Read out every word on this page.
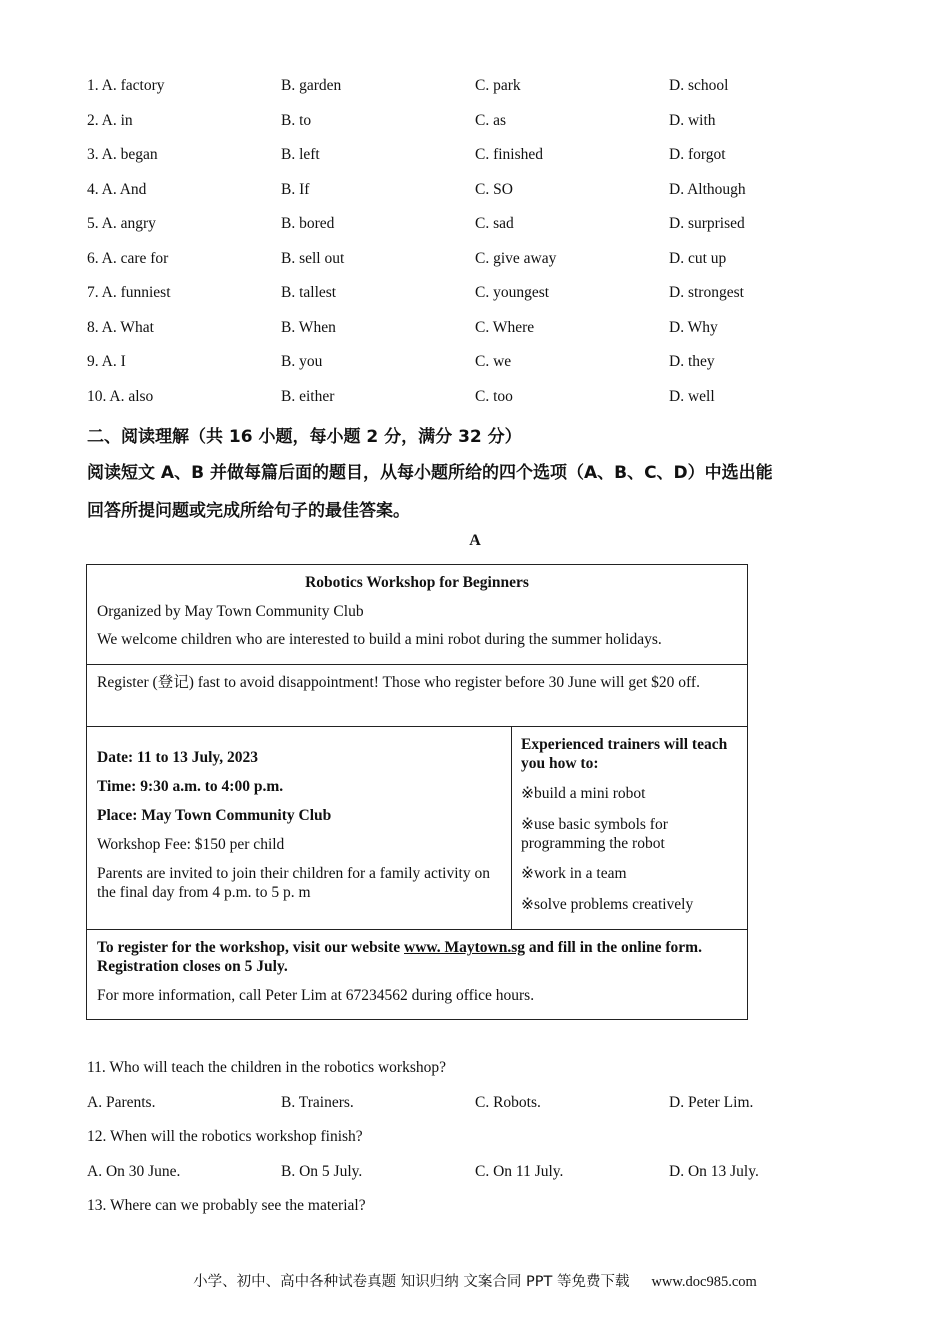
1. A. factory	B. garden	C. park	D. school
2. A. in	B. to	C. as	D. with
3. A. began	B. left	C. finished	D. forgot
4. A. And	B. If	C. SO	D. Although
5. A. angry	B. bored	C. sad	D. surprised
6. A. care for	B. sell out	C. give away	D. cut up
7. A. funniest	B. tallest	C. youngest	D. strongest
8. A. What	B. When	C. Where	D. Why
9. A. I	B. you	C. we	D. they
10. A. also	B. either	C. too	D. well
二、阅读理解（共 16 小题，每小题 2 分，满分 32 分）
阅读短文 A、B 并做每篇后面的题目，从每小题所给的四个选项（A、B、C、D）中选出能
回答所提问题或完成所给句子的最佳答案。
A

Robotics Workshop for Beginners

Organized by May Town Community Club

We welcome children who are interested to build a mini robot during the summer holidays.

Register (登记) fast to avoid disappointment! Those who register before 30 June will get $20 off.

Date: 11 to 13 July, 2023

Time: 9:30 a.m. to 4:00 p.m.

Place: May Town Community Club

Workshop Fee: $150 per child

Parents are invited to join their children for a family activity on the final day from 4 p.m. to 5 p. m

Experienced trainers will teach you how to:

※build a mini robot

※use basic symbols for programming the robot

※work in a team

※solve problems creatively

To register for the workshop, visit our website www. Maytown.sg and fill in the online form. Registration closes on 5 July.

For more information, call Peter Lim at 67234562 during office hours.

11. Who will teach the children in the robotics workshop?
A. Parents.	B. Trainers.	C. Robots.	D. Peter Lim.
12. When will the robotics workshop finish?
A. On 30 June.	B. On 5 July.	C. On 11 July.	D. On 13 July.
13. Where can we probably see the material?
小学、初中、高中各种试卷真题 知识归纳 文案合同 PPT 等免费下载 www.doc985.com
